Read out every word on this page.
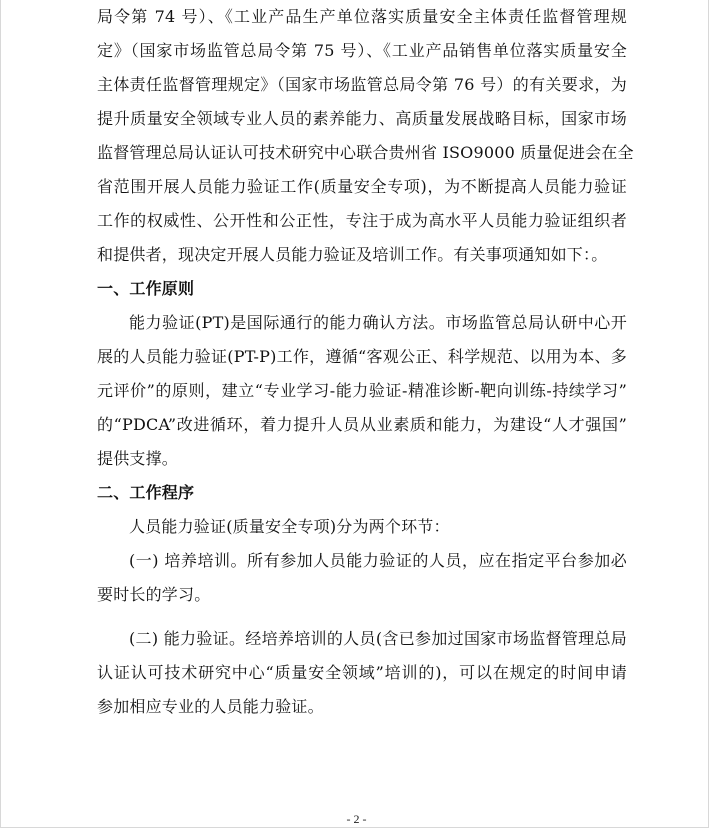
局令第 74 号）、《工业产品生产单位落实质量安全主体责任监督管理规
定》（国家市场监管总局令第 75 号）、《工业产品销售单位落实质量安全
主体责任监督管理规定》（国家市场监管总局令第 76 号）的有关要求，为
提升质量安全领域专业人员的素养能力、高质量发展战略目标，国家市场
监督管理总局认证认可技术研究中心联合贵州省 ISO9000 质量促进会在全
省范围开展人员能力验证工作(质量安全专项)，为不断提高人员能力验证
工作的权威性、公开性和公正性，专注于成为高水平人员能力验证组织者
和提供者，现决定开展人员能力验证及培训工作。有关事项通知如下：。
一、工作原则
能力验证(PT)是国际通行的能力确认方法。市场监管总局认研中心开
展的人员能力验证(PT-P)工作，遵循“客观公正、科学规范、以用为本、多
元评价”的原则，建立“专业学习-能力验证-精准诊断-靶向训练-持续学习”
的“PDCA”改进循环，着力提升人员从业素质和能力，为建设“人才强国”
提供支撑。
二、工作程序
人员能力验证(质量安全专项)分为两个环节：
(一) 培养培训。所有参加人员能力验证的人员，应在指定平台参加必
要时长的学习。
(二) 能力验证。经培养培训的人员(含已参加过国家市场监督管理总局
认证认可技术研究中心“质量安全领域”培训的)，可以在规定的时间申请
参加相应专业的人员能力验证。
- 2 -
